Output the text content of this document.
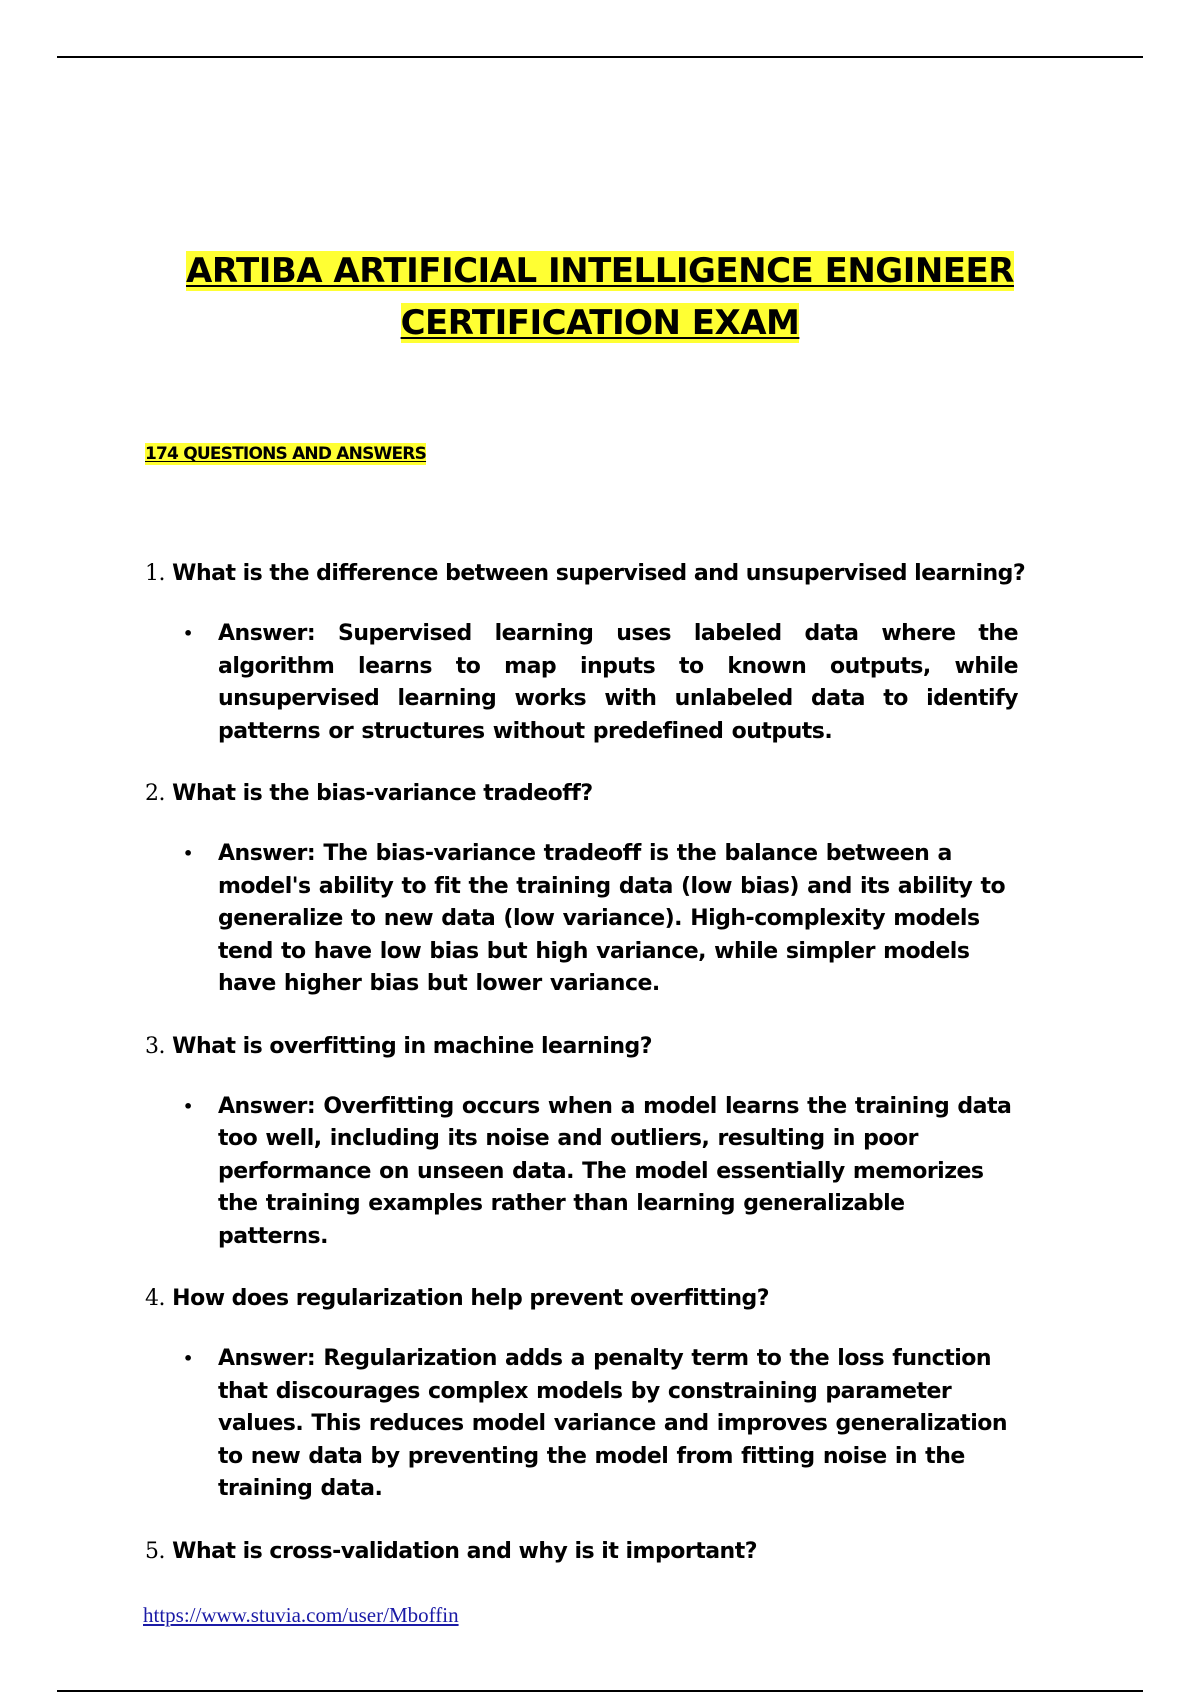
ARTIBA ARTIFICIAL INTELLIGENCE ENGINEER
CERTIFICATION EXAM
174 QUESTIONS AND ANSWERS

1. What is the difference between supervised and unsupervised learning?

• Answer: Supervised learning uses labeled data where the algorithm learns to map inputs to known outputs, while unsupervised learning works with unlabeled data to identify patterns or structures without predefined outputs.

2. What is the bias-variance tradeoff?

• Answer: The bias-variance tradeoff is the balance between a model's ability to fit the training data (low bias) and its ability to generalize to new data (low variance). High-complexity models tend to have low bias but high variance, while simpler models have higher bias but lower variance.

3. What is overfitting in machine learning?

• Answer: Overfitting occurs when a model learns the training data too well, including its noise and outliers, resulting in poor performance on unseen data. The model essentially memorizes the training examples rather than learning generalizable patterns.

4. How does regularization help prevent overfitting?

• Answer: Regularization adds a penalty term to the loss function that discourages complex models by constraining parameter values. This reduces model variance and improves generalization to new data by preventing the model from fitting noise in the training data.

5. What is cross-validation and why is it important?

https://www.stuvia.com/user/Mboffin
